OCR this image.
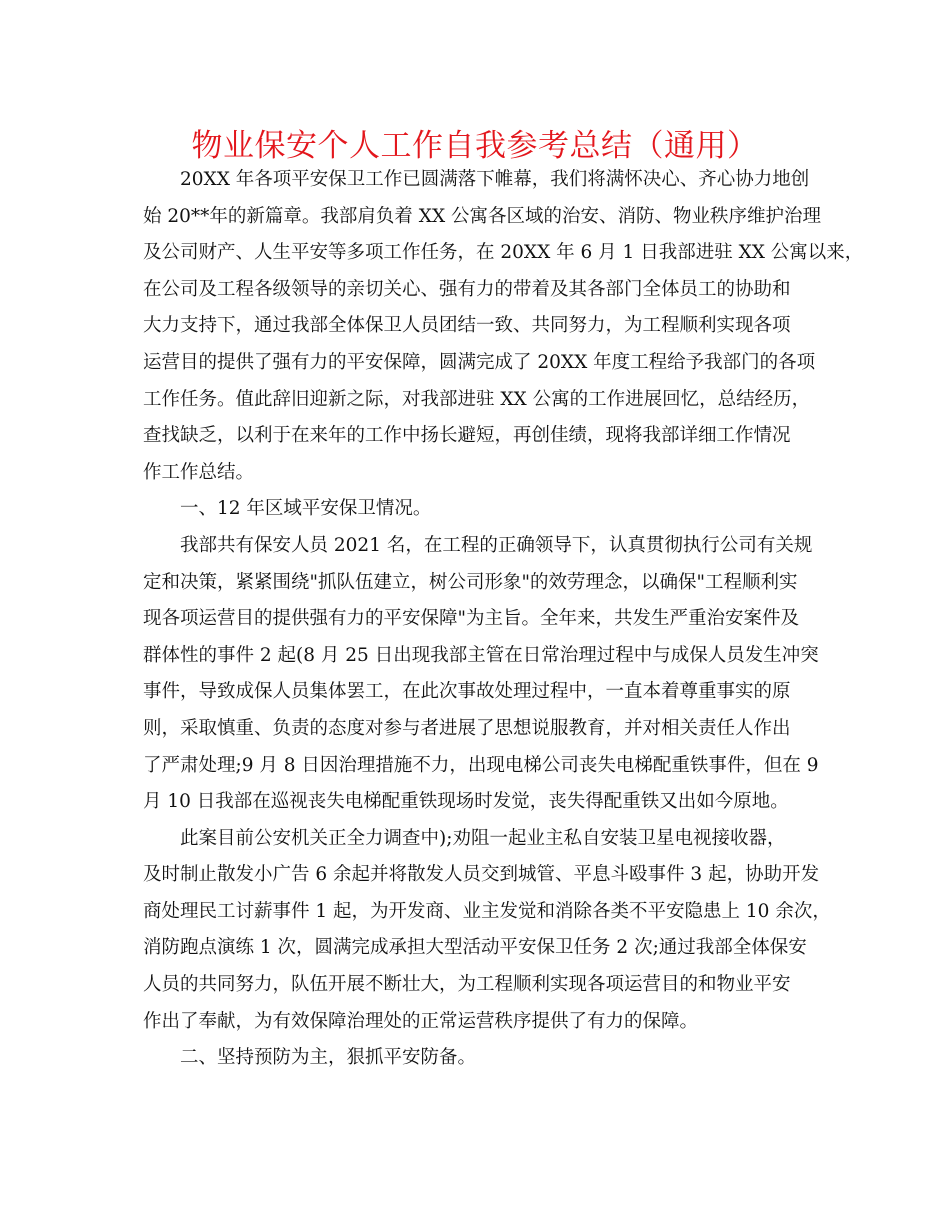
物业保安个人工作自我参考总结（通用）
20XX 年各项平安保卫工作已圆满落下帷幕，我们将满怀决心、齐心协力地创
始 20**年的新篇章。我部肩负着 XX 公寓各区域的治安、消防、物业秩序维护治理
及公司财产、人生平安等多项工作任务，在 20XX 年 6 月 1 日我部进驻 XX 公寓以来，
在公司及工程各级领导的亲切关心、强有力的带着及其各部门全体员工的协助和
大力支持下，通过我部全体保卫人员团结一致、共同努力，为工程顺利实现各项
运营目的提供了强有力的平安保障，圆满完成了 20XX 年度工程给予我部门的各项
工作任务。值此辞旧迎新之际，对我部进驻 XX 公寓的工作进展回忆，总结经历，
查找缺乏，以利于在来年的工作中扬长避短，再创佳绩，现将我部详细工作情况
作工作总结。
一、12 年区域平安保卫情况。
我部共有保安人员 2021 名，在工程的正确领导下，认真贯彻执行公司有关规
定和决策，紧紧围绕"抓队伍建立，树公司形象"的效劳理念，以确保"工程顺利实
现各项运营目的提供强有力的平安保障"为主旨。全年来，共发生严重治安案件及
群体性的事件 2 起(8 月 25 日出现我部主管在日常治理过程中与成保人员发生冲突
事件，导致成保人员集体罢工，在此次事故处理过程中，一直本着尊重事实的原
则，采取慎重、负责的态度对参与者进展了思想说服教育，并对相关责任人作出
了严肃处理;9 月 8 日因治理措施不力，出现电梯公司丧失电梯配重铁事件，但在 9
月 10 日我部在巡视丧失电梯配重铁现场时发觉，丧失得配重铁又出如今原地。
此案目前公安机关正全力调查中);劝阻一起业主私自安装卫星电视接收器，
及时制止散发小广告 6 余起并将散发人员交到城管、平息斗殴事件 3 起，协助开发
商处理民工讨薪事件 1 起，为开发商、业主发觉和消除各类不平安隐患上 10 余次，
消防跑点演练 1 次，圆满完成承担大型活动平安保卫任务 2 次;通过我部全体保安
人员的共同努力，队伍开展不断壮大，为工程顺利实现各项运营目的和物业平安
作出了奉献，为有效保障治理处的正常运营秩序提供了有力的保障。
二、坚持预防为主，狠抓平安防备。
